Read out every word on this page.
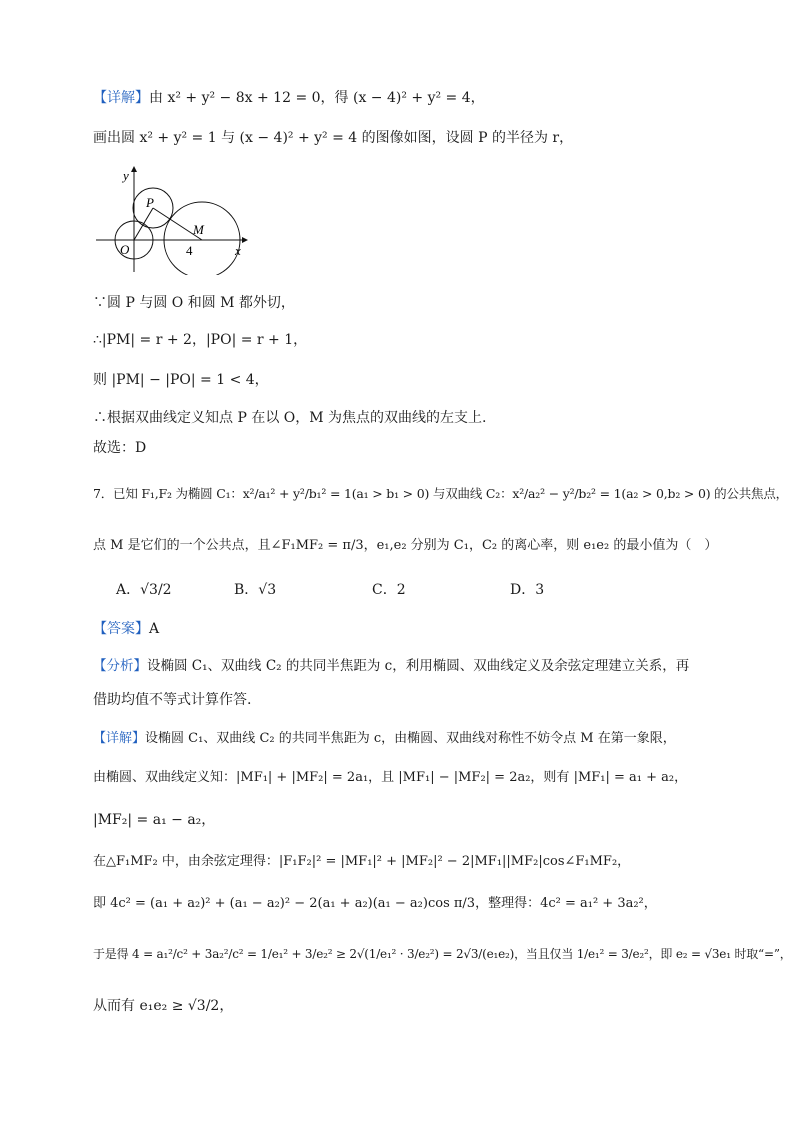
【详解】由 x² + y² − 8x + 12 = 0，得 (x − 4)² + y² = 4，
画出圆 x² + y² = 1 与 (x − 4)² + y² = 4 的图像如图，设圆 P 的半径为 r，
O
P
M
4	x
y
∵圆 P 与圆 O 和圆 M 都外切，
∴|PM| = r + 2，|PO| = r + 1，
则 |PM| − |PO| = 1 < 4，
∴根据双曲线定义知点 P 在以 O，M 为焦点的双曲线的左支上.
故选：D
7．已知 F₁,F₂ 为椭圆 C₁：x²/a₁² + y²/b₁² = 1(a₁ > b₁ > 0) 与双曲线 C₂：x²/a₂² − y²/b₂² = 1(a₂ > 0,b₂ > 0) 的公共焦点，
点 M 是它们的一个公共点，且∠F₁MF₂ = π/3，e₁,e₂ 分别为 C₁，C₂ 的离心率，则 e₁e₂ 的最小值为（　）
A．√3/2	B．√3	C．2	D．3
【答案】A
【分析】设椭圆 C₁、双曲线 C₂ 的共同半焦距为 c，利用椭圆、双曲线定义及余弦定理建立关系，再
借助均值不等式计算作答.
【详解】设椭圆 C₁、双曲线 C₂ 的共同半焦距为 c，由椭圆、双曲线对称性不妨令点 M 在第一象限，
由椭圆、双曲线定义知：|MF₁| + |MF₂| = 2a₁，且 |MF₁| − |MF₂| = 2a₂，则有 |MF₁| = a₁ + a₂，
|MF₂| = a₁ − a₂，
在△F₁MF₂ 中，由余弦定理得：|F₁F₂|² = |MF₁|² + |MF₂|² − 2|MF₁||MF₂|cos∠F₁MF₂，
即 4c² = (a₁ + a₂)² + (a₁ − a₂)² − 2(a₁ + a₂)(a₁ − a₂)cos π/3，整理得：4c² = a₁² + 3a₂²，
于是得 4 = a₁²/c² + 3a₂²/c² = 1/e₁² + 3/e₂² ≥ 2√(1/e₁² · 3/e₂²) = 2√3/(e₁e₂)，当且仅当 1/e₁² = 3/e₂²，即 e₂ = √3e₁ 时取“=”，
从而有 e₁e₂ ≥ √3/2，
